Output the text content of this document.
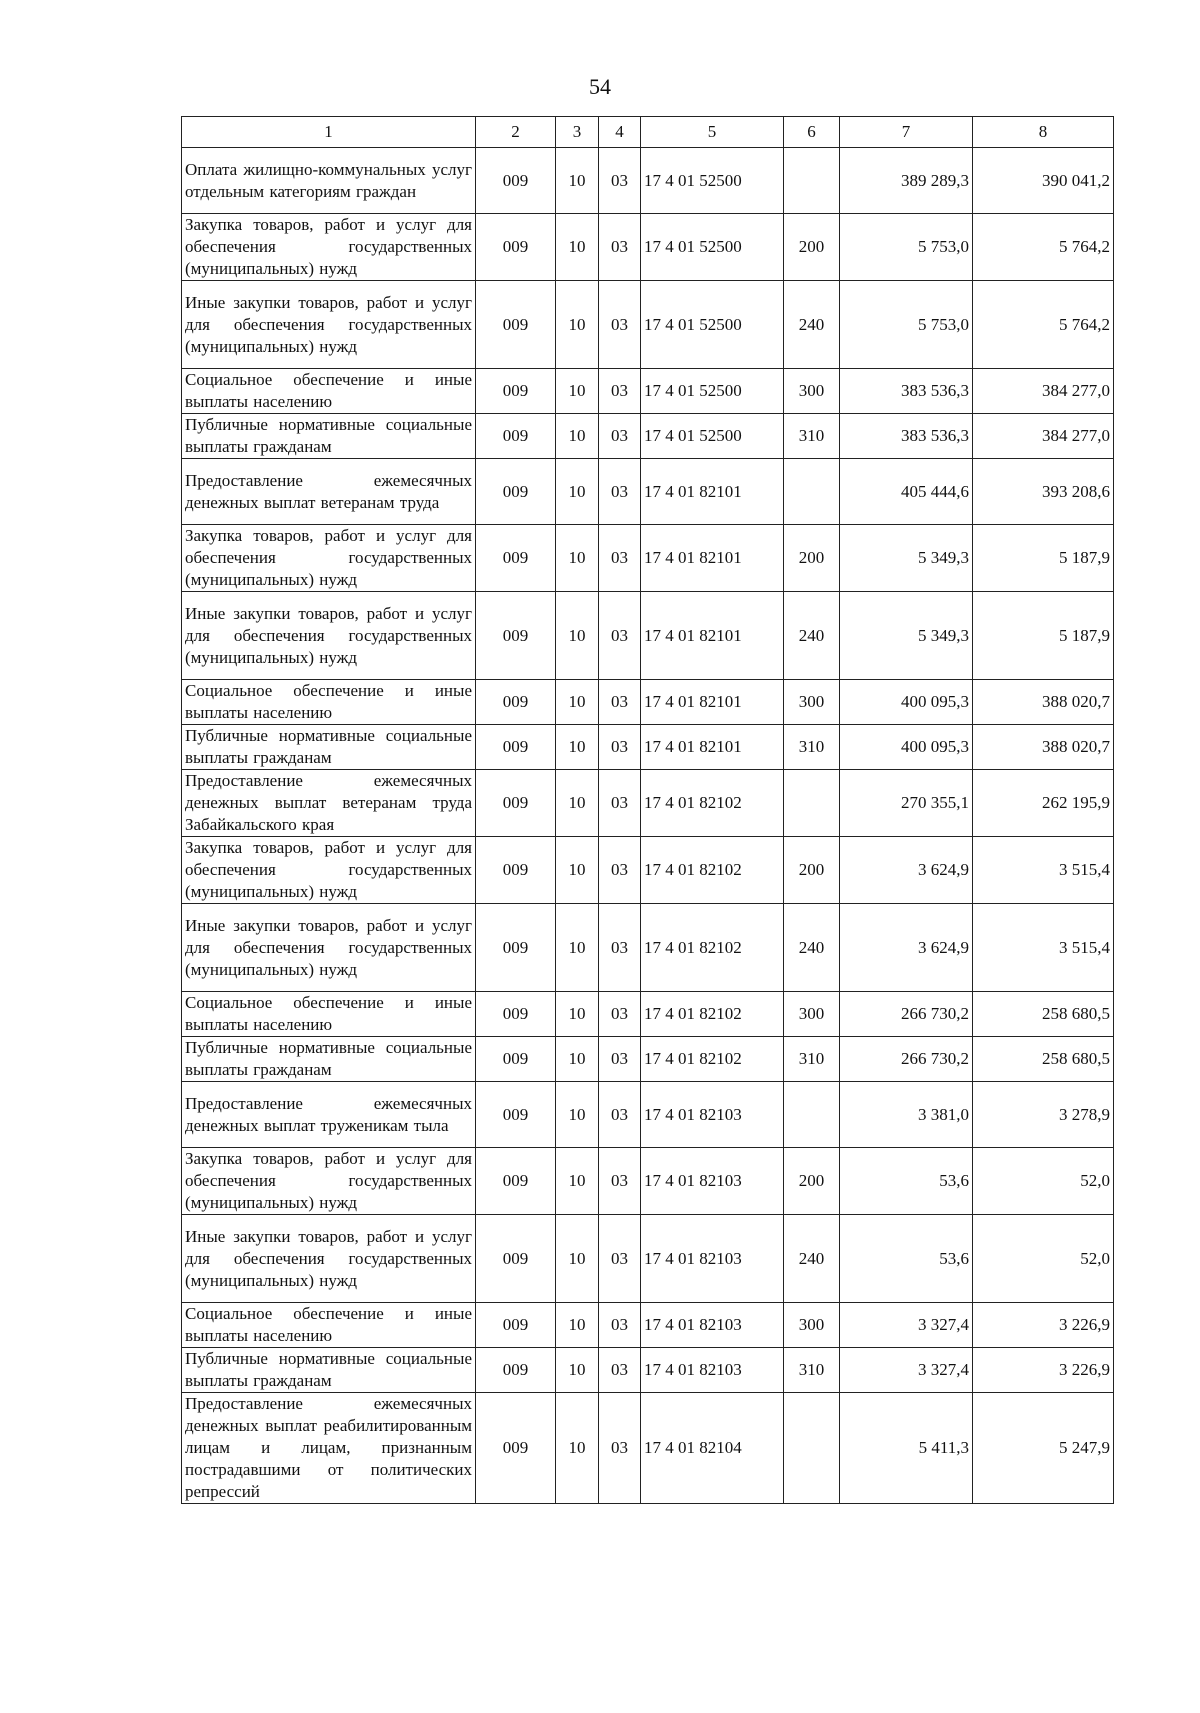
54
1	2	3	4	5	6	7	8
Оплата жилищно-коммунальных услуг отдельным категориям граждан	009	10	03	17 4 01 52500		389 289,3	390 041,2
Закупка товаров, работ и услуг для обеспечения государственных (муниципальных) нужд	009	10	03	17 4 01 52500	200	5 753,0	5 764,2
Иные закупки товаров, работ и услуг для обеспечения государственных (муниципальных) нужд	009	10	03	17 4 01 52500	240	5 753,0	5 764,2
Социальное обеспечение и иные выплаты населению	009	10	03	17 4 01 52500	300	383 536,3	384 277,0
Публичные нормативные социальные выплаты гражданам	009	10	03	17 4 01 52500	310	383 536,3	384 277,0
Предоставление ежемесячных денежных выплат ветеранам труда	009	10	03	17 4 01 82101		405 444,6	393 208,6
Закупка товаров, работ и услуг для обеспечения государственных (муниципальных) нужд	009	10	03	17 4 01 82101	200	5 349,3	5 187,9
Иные закупки товаров, работ и услуг для обеспечения государственных (муниципальных) нужд	009	10	03	17 4 01 82101	240	5 349,3	5 187,9
Социальное обеспечение и иные выплаты населению	009	10	03	17 4 01 82101	300	400 095,3	388 020,7
Публичные нормативные социальные выплаты гражданам	009	10	03	17 4 01 82101	310	400 095,3	388 020,7
Предоставление ежемесячных денежных выплат ветеранам труда Забайкальского края	009	10	03	17 4 01 82102		270 355,1	262 195,9
Закупка товаров, работ и услуг для обеспечения государственных (муниципальных) нужд	009	10	03	17 4 01 82102	200	3 624,9	3 515,4
Иные закупки товаров, работ и услуг для обеспечения государственных (муниципальных) нужд	009	10	03	17 4 01 82102	240	3 624,9	3 515,4
Социальное обеспечение и иные выплаты населению	009	10	03	17 4 01 82102	300	266 730,2	258 680,5
Публичные нормативные социальные выплаты гражданам	009	10	03	17 4 01 82102	310	266 730,2	258 680,5
Предоставление ежемесячных денежных выплат труженикам тыла	009	10	03	17 4 01 82103		3 381,0	3 278,9
Закупка товаров, работ и услуг для обеспечения государственных (муниципальных) нужд	009	10	03	17 4 01 82103	200	53,6	52,0
Иные закупки товаров, работ и услуг для обеспечения государственных (муниципальных) нужд	009	10	03	17 4 01 82103	240	53,6	52,0
Социальное обеспечение и иные выплаты населению	009	10	03	17 4 01 82103	300	3 327,4	3 226,9
Публичные нормативные социальные выплаты гражданам	009	10	03	17 4 01 82103	310	3 327,4	3 226,9
Предоставление ежемесячных денежных выплат реабилитированным лицам и лицам, признанным пострадавшими от политических репрессий	009	10	03	17 4 01 82104		5 411,3	5 247,9
